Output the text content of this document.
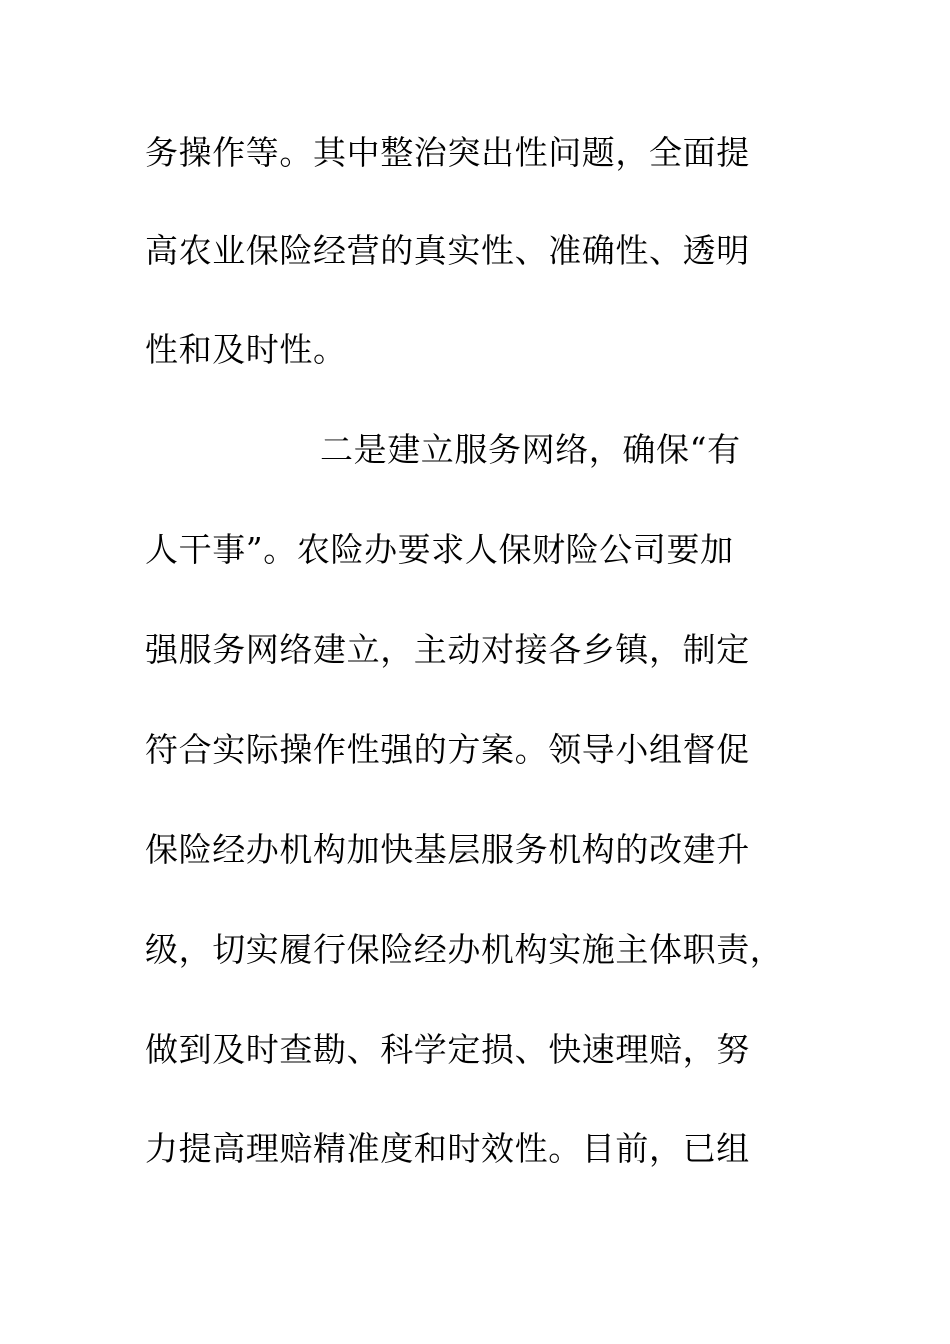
务操作等。其中整治突出性问题，全面提
高农业保险经营的真实性、准确性、透明
性和及时性。
二是建立服务网络，确保“有
人干事”。农险办要求人保财险公司要加
强服务网络建立，主动对接各乡镇，制定
符合实际操作性强的方案。领导小组督促
保险经办机构加快基层服务机构的改建升
级，切实履行保险经办机构实施主体职责，
做到及时查勘、科学定损、快速理赔，努
力提高理赔精准度和时效性。目前，已组
